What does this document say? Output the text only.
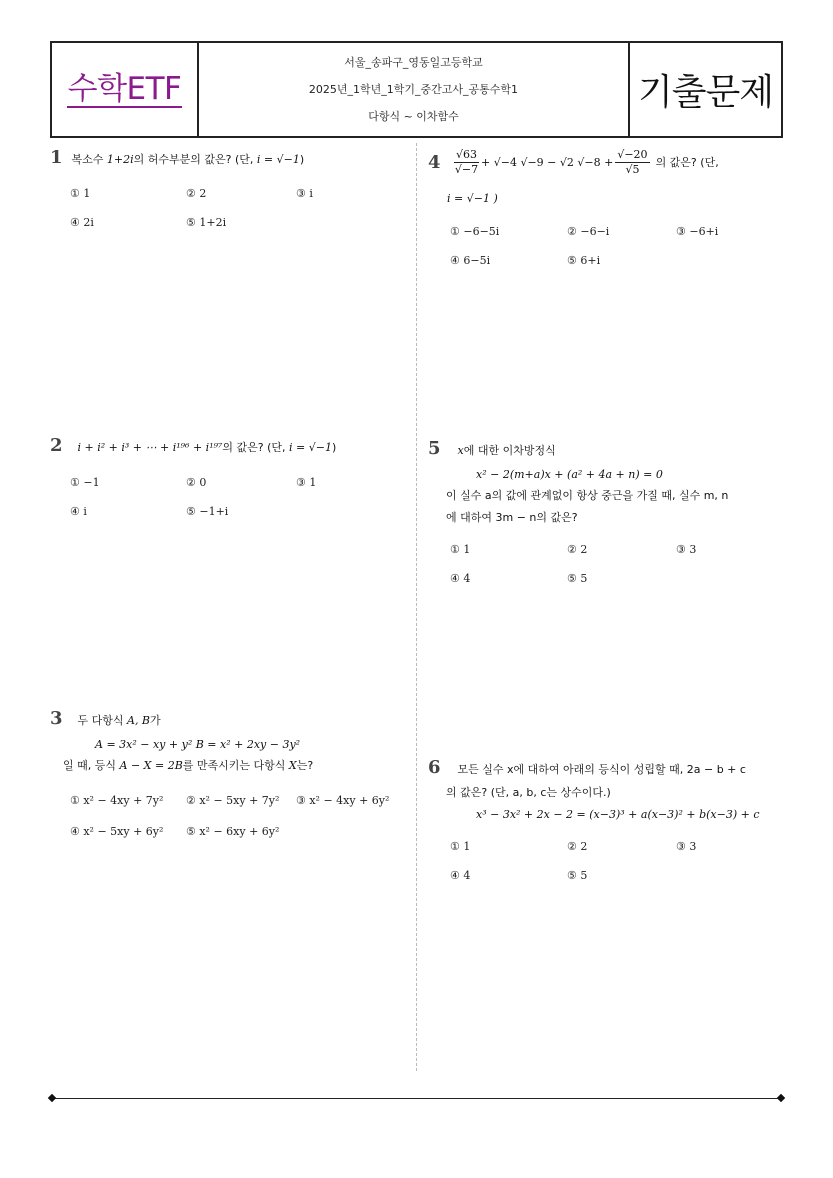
수학ETF
서울_송파구_영동일고등학교
2025년_1학년_1학기_중간고사_공통수학1
다항식 ~ 이차함수
기출문제
1 복소수 1+2i의 허수부분의 값은? (단, i = √−1)
① 1	② 2	③ i
④ 2i	⑤ 1+2i
2 i + i² + i³ + ⋯ + i¹⁹⁶ + i¹⁹⁷의 값은? (단, i = √−1)
① −1	② 0	③ 1
④ i	⑤ −1+i
3 두 다항식 A, B가
A = 3x² − xy + y² B = x² + 2xy − 3y²
일 때, 등식 A − X = 2B를 만족시키는 다항식 X는?
① x² − 4xy + 7y² ② x² − 5xy + 7y² ③ x² − 4xy + 6y²
④ x² − 5xy + 6y² ⑤ x² − 6xy + 6y²
4	$\frac{√63}{√-7} + √-4$ √−9 − √2 $√-8 + \frac{√-20}{√5}$ 의 값은? (단,
i = √−1 )
① −6−5i	② −6−i	③ −6+i
④ 6−5i	⑤ 6+i
5 x에 대한 이차방정식
x² − 2(m+a)x + (a² + 4a + n) = 0
이 실수 a의 값에 관계없이 항상 중근을 가질 때, 실수 m, n
에 대하여 3m − n의 값은?
① 1	② 2	③ 3
④ 4	⑤ 5
6 모든 실수 x에 대하여 아래의 등식이 성립할 때, 2a − b + c
의 값은? (단, a, b, c는 상수이다.)
x³ − 3x² + 2x − 2 = (x−3)³ + a(x−3)² + b(x−3) + c
① 1	② 2	③ 3
④ 4	⑤ 5
